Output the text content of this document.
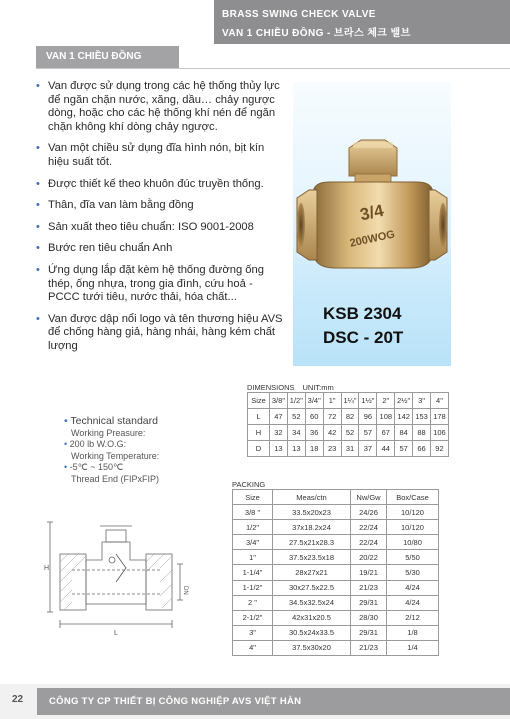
BRASS SWING CHECK VALVE
VAN 1 CHIỀU ĐỒNG - 브라스 체크 밸브
VAN 1 CHIỀU ĐỒNG
• Van được sử dụng trong các hệ thống thủy lực để ngăn chặn nước, xăng, dầu… chảy ngược dòng, hoặc cho các hệ thống khí nén để ngăn chặn không khí dòng chảy ngược.
• Van một chiều sử dụng đĩa hình nón, bịt kín hiệu suất tốt.
• Được thiết kế theo khuôn đúc truyền thống.
• Thân, đĩa van làm bằng đồng
• Sản xuất theo tiêu chuẩn: ISO 9001-2008
• Bước ren tiêu chuẩn Anh
• Ứng dụng lắp đặt kèm hệ thống đường ống thép, ống nhựa, trong gia đình, cứu hoả - PCCC tưới tiêu, nước thải, hóa chất...
• Van được dập nổi logo và tên thương hiệu AVS để chống hàng giả, hàng nhái, hàng kém chất lượng
3/4
200WOG
KSB 2304
DSC - 20T
DIMENSIONS UNIT:mm
Size	3/8"	1/2"	3/4"	1"	1¼"	1½"	2"	2½"	3"	4"
L	47	52	60	72	82	96	108	142	153	178
H	32	34	36	42	52	57	67	84	88	106
D	13	13	18	23	31	37	44	57	66	92
• Technical standard
Working Preasure:
• 200 lb W.O.G:
Working Temperature:
• -5℃ ~ 150℃
Thread End (FIPxFIP)
H
L
DN
PACKING
Size	Meas/ctn	Nw/Gw	Box/Case
3/8 "	33.5x20x23	24/26	10/120
1/2"	37x18.2x24	22/24	10/120
3/4"	27.5x21x28.3	22/24	10/80
1"	37.5x23.5x18	20/22	5/50
1-1/4"	28x27x21	19/21	5/30
1-1/2"	30x27.5x22.5	21/23	4/24
2 "	34.5x32.5x24	29/31	4/24
2-1/2"	42x31x20.5	28/30	2/12
3"	30.5x24x33.5	29/31	1/8
4"	37.5x30x20	21/23	1/4
22	CÔNG TY CP THIẾT BỊ CÔNG NGHIỆP AVS VIỆT HÀN
